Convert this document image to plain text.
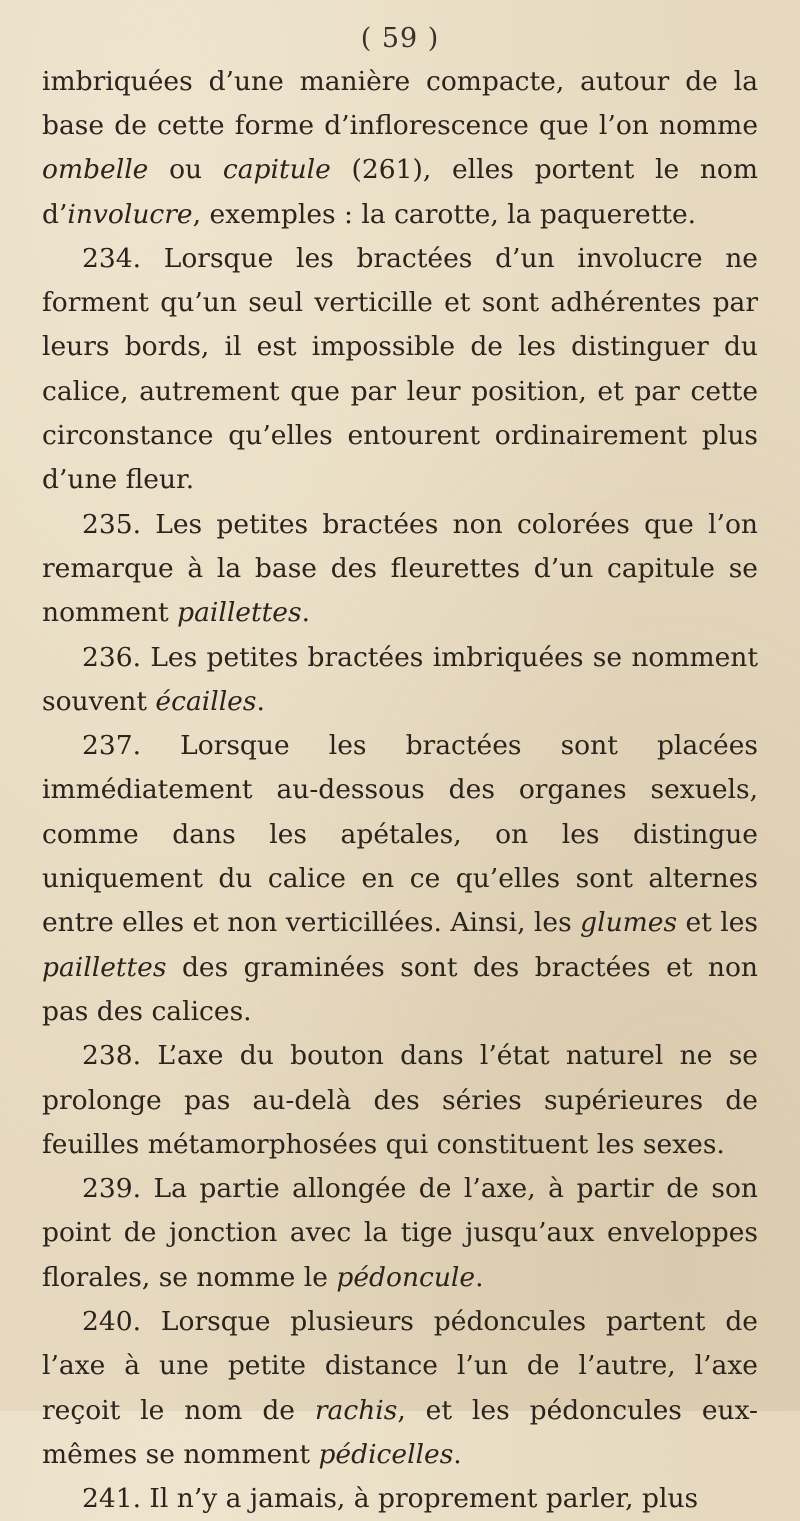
( 59 )

imbriquées d’une manière compacte, autour de la base de cette forme d’inflorescence que l’on nomme ombelle ou capitule (261), elles portent le nom d’involucre, exemples : la carotte, la paquerette.

234. Lorsque les bractées d’un involucre ne forment qu’un seul verticille et sont adhérentes par leurs bords, il est impossible de les distinguer du calice, autrement que par leur position, et par cette circonstance qu’elles entourent ordinairement plus d’une fleur.

235. Les petites bractées non colorées que l’on remarque à la base des fleurettes d’un capitule se nomment paillettes.

236. Les petites bractées imbriquées se nomment souvent écailles.

237. Lorsque les bractées sont placées immédiatement au-dessous des organes sexuels, comme dans les apétales, on les distingue uniquement du calice en ce qu’elles sont alternes entre elles et non verticillées. Ainsi, les glumes et les paillettes des graminées sont des bractées et non pas des calices.

238. L’axe du bouton dans l’état naturel ne se prolonge pas au-delà des séries supérieures de feuilles métamorphosées qui constituent les sexes.

239. La partie allongée de l’axe, à partir de son point de jonction avec la tige jusqu’aux enveloppes florales, se nomme le pédoncule.

240. Lorsque plusieurs pédoncules partent de l’axe à une petite distance l’un de l’autre, l’axe reçoit le nom de rachis, et les pédoncules eux-mêmes se nomment pédicelles.

241. Il n’y a jamais, à proprement parler, plus
